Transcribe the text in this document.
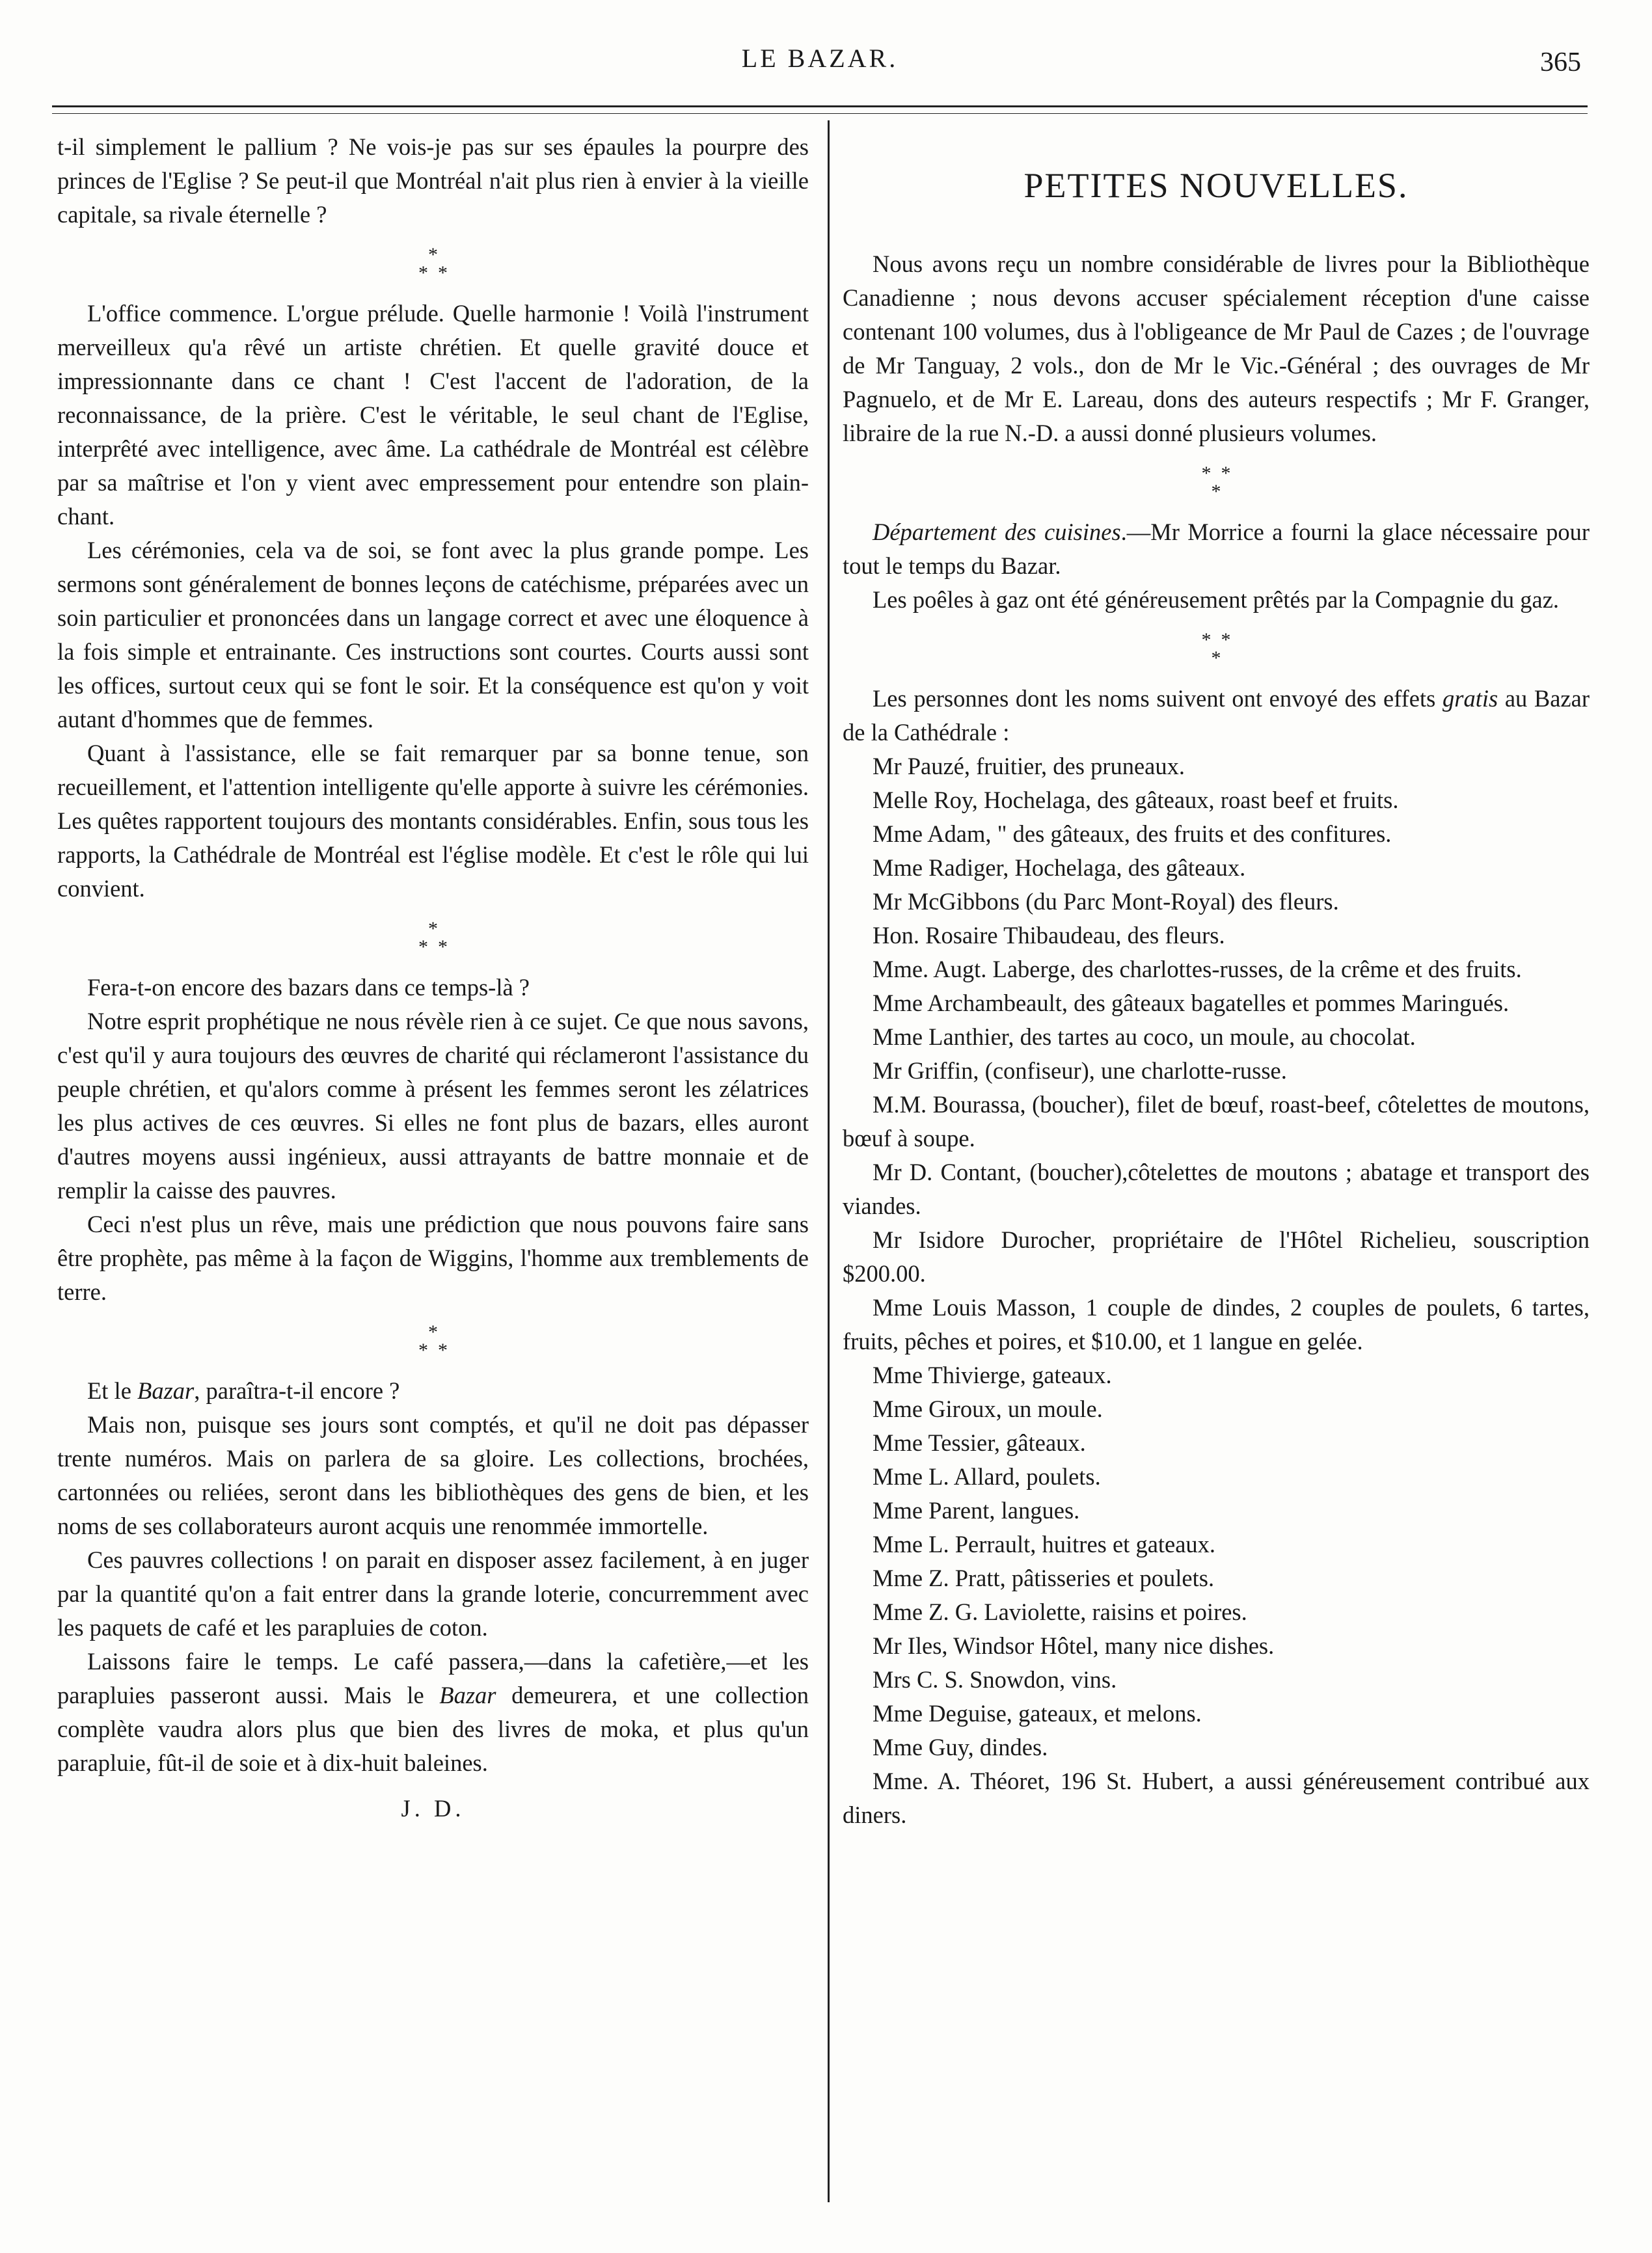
LE BAZAR.	365

t-il simplement le pallium ? Ne vois-je pas sur ses épaules la pourpre des princes de l'Eglise ? Se peut-il que Montréal n'ait plus rien à envier à la vieille capitale, sa rivale éternelle ?

*
* *

L'office commence. L'orgue prélude. Quelle harmonie ! Voilà l'instrument merveilleux qu'a rêvé un artiste chrétien. Et quelle gravité douce et impressionnante dans ce chant ! C'est l'accent de l'adoration, de la reconnaissance, de la prière. C'est le véritable, le seul chant de l'Eglise, interprêté avec intelligence, avec âme. La cathédrale de Montréal est célèbre par sa maîtrise et l'on y vient avec empressement pour entendre son plain-chant.

Les cérémonies, cela va de soi, se font avec la plus grande pompe. Les sermons sont généralement de bonnes leçons de catéchisme, préparées avec un soin particulier et prononcées dans un langage correct et avec une éloquence à la fois simple et entrainante. Ces instructions sont courtes. Courts aussi sont les offices, surtout ceux qui se font le soir. Et la conséquence est qu'on y voit autant d'hommes que de femmes.

Quant à l'assistance, elle se fait remarquer par sa bonne tenue, son recueillement, et l'attention intelligente qu'elle apporte à suivre les cérémonies. Les quêtes rapportent toujours des montants considérables. Enfin, sous tous les rapports, la Cathédrale de Montréal est l'église modèle. Et c'est le rôle qui lui convient.

*
* *

Fera-t-on encore des bazars dans ce temps-là ?

Notre esprit prophétique ne nous révèle rien à ce sujet. Ce que nous savons, c'est qu'il y aura toujours des œuvres de charité qui réclameront l'assistance du peuple chrétien, et qu'alors comme à présent les femmes seront les zélatrices les plus actives de ces œuvres. Si elles ne font plus de bazars, elles auront d'autres moyens aussi ingénieux, aussi attrayants de battre monnaie et de remplir la caisse des pauvres.

Ceci n'est plus un rêve, mais une prédiction que nous pouvons faire sans être prophète, pas même à la façon de Wiggins, l'homme aux tremblements de terre.

*
* *

Et le Bazar, paraîtra-t-il encore ?

Mais non, puisque ses jours sont comptés, et qu'il ne doit pas dépasser trente numéros. Mais on parlera de sa gloire. Les collections, brochées, cartonnées ou reliées, seront dans les bibliothèques des gens de bien, et les noms de ses collaborateurs auront acquis une renommée immortelle.

Ces pauvres collections ! on parait en disposer assez facilement, à en juger par la quantité qu'on a fait entrer dans la grande loterie, concurremment avec les paquets de café et les parapluies de coton.

Laissons faire le temps. Le café passera,—dans la cafetière,—et les parapluies passeront aussi. Mais le Bazar demeurera, et une collection complète vaudra alors plus que bien des livres de moka, et plus qu'un parapluie, fût-il de soie et à dix-huit baleines.

J. D.
PETITES NOUVELLES.

Nous avons reçu un nombre considérable de livres pour la Bibliothèque Canadienne ; nous devons accuser spécialement réception d'une caisse contenant 100 volumes, dus à l'obligeance de Mr Paul de Cazes ; de l'ouvrage de Mr Tanguay, 2 vols., don de Mr le Vic.-Général ; des ouvrages de Mr Pagnuelo, et de Mr E. Lareau, dons des auteurs respectifs ; Mr F. Granger, libraire de la rue N.-D. a aussi donné plusieurs volumes.

* *
*

Département des cuisines.—Mr Morrice a fourni la glace nécessaire pour tout le temps du Bazar.

Les poêles à gaz ont été généreusement prêtés par la Compagnie du gaz.

* *
*

Les personnes dont les noms suivent ont envoyé des effets gratis au Bazar de la Cathédrale :

Mr Pauzé, fruitier, des pruneaux.

Melle Roy, Hochelaga, des gâteaux, roast beef et fruits.

Mme Adam, " des gâteaux, des fruits et des confitures.

Mme Radiger, Hochelaga, des gâteaux.

Mr McGibbons (du Parc Mont-Royal) des fleurs.

Hon. Rosaire Thibaudeau, des fleurs.

Mme. Augt. Laberge, des charlottes-russes, de la crême et des fruits.

Mme Archambeault, des gâteaux bagatelles et pommes Maringués.

Mme Lanthier, des tartes au coco, un moule, au chocolat.

Mr Griffin, (confiseur), une charlotte-russe.

M.M. Bourassa, (boucher), filet de bœuf, roast-beef, côtelettes de moutons, bœuf à soupe.

Mr D. Contant, (boucher),côtelettes de moutons ; abatage et transport des viandes.

Mr Isidore Durocher, propriétaire de l'Hôtel Richelieu, souscription $200.00.

Mme Louis Masson, 1 couple de dindes, 2 couples de poulets, 6 tartes, fruits, pêches et poires, et $10.00, et 1 langue en gelée.

Mme Thivierge, gateaux.

Mme Giroux, un moule.

Mme Tessier, gâteaux.

Mme L. Allard, poulets.

Mme Parent, langues.

Mme L. Perrault, huitres et gateaux.

Mme Z. Pratt, pâtisseries et poulets.

Mme Z. G. Laviolette, raisins et poires.

Mr Iles, Windsor Hôtel, many nice dishes.

Mrs C. S. Snowdon, vins.

Mme Deguise, gateaux, et melons.

Mme Guy, dindes.

Mme. A. Théoret, 196 St. Hubert, a aussi généreusement contribué aux diners.
